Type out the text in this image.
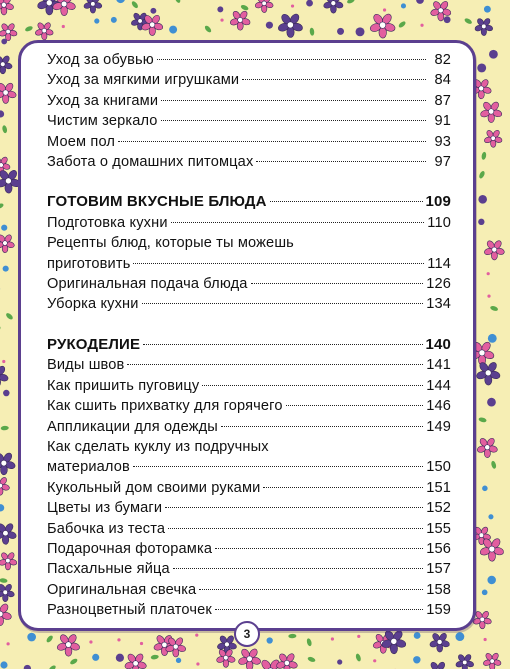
Уход за обувью	82
Уход за мягкими игрушками	84
Уход за книгами	87
Чистим зеркало	91
Моем пол	93
Забота о домашних питомцах	97
ГОТОВИМ ВКУСНЫЕ БЛЮДА	109
Подготовка кухни	110
Рецепты блюд, которые ты можешь
приготовить	114
Оригинальная подача блюда	126
Уборка кухни	134
РУКОДЕЛИЕ	140
Виды швов	141
Как пришить пуговицу	144
Как сшить прихватку для горячего	146
Аппликации для одежды	149
Как сделать куклу из подручных
материалов	150
Кукольный дом своими руками	151
Цветы из бумаги	152
Бабочка из теста	155
Подарочная фоторамка	156
Пасхальные яйца	157
Оригинальная свечка	158
Разноцветный платочек	159
3
